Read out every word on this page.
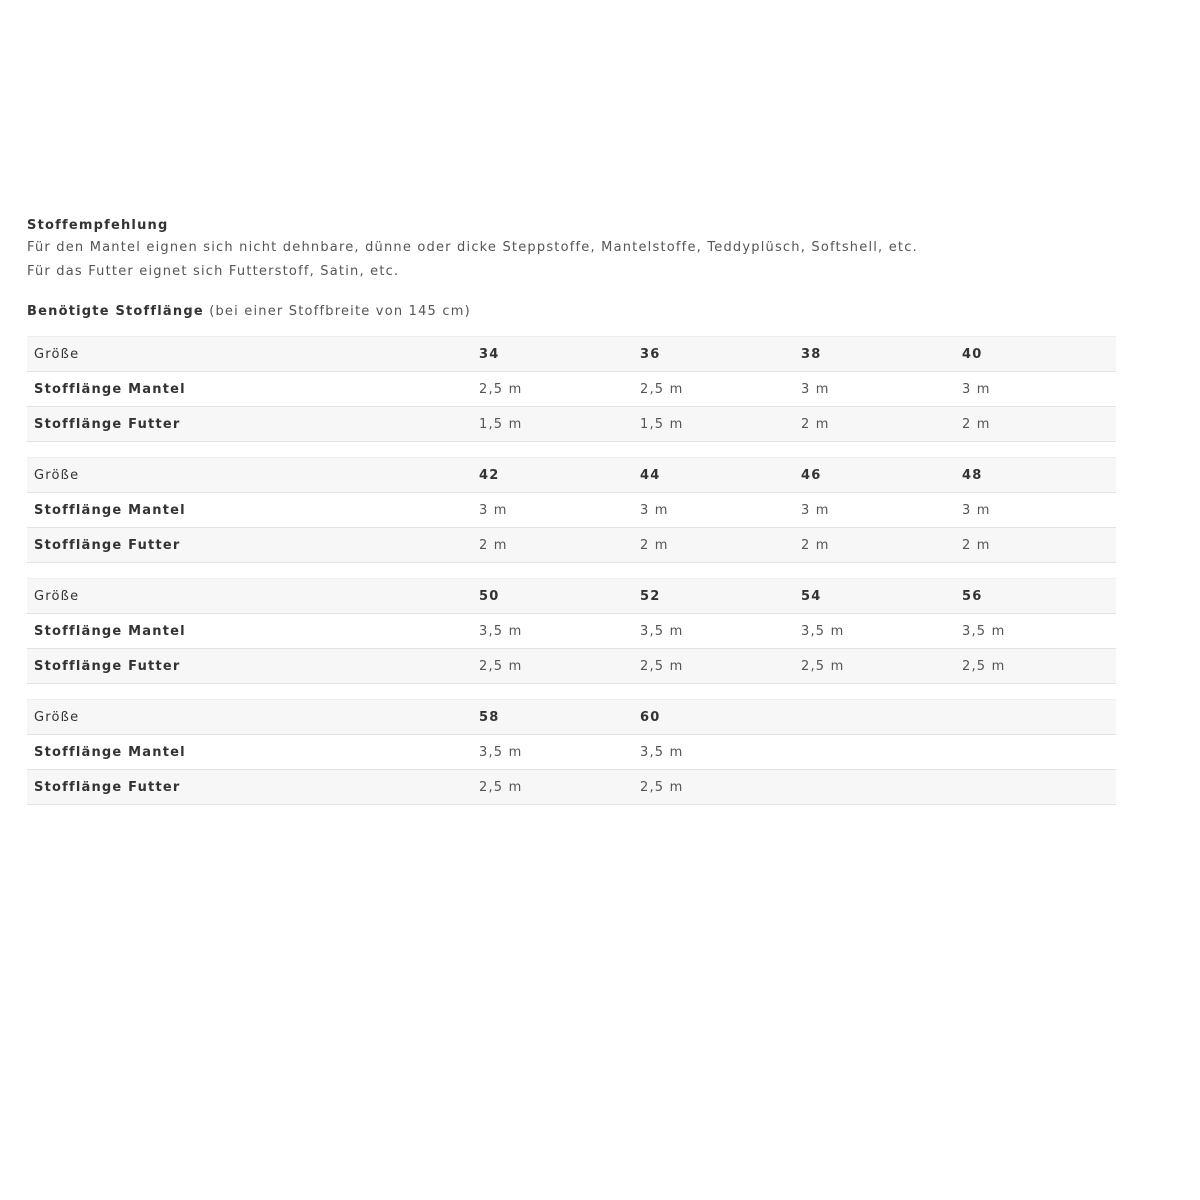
Stoffempfehlung

Für den Mantel eignen sich nicht dehnbare, dünne oder dicke Steppstoffe, Mantelstoffe, Teddyplüsch, Softshell, etc.

Für das Futter eignet sich Futterstoff, Satin, etc.

Benötigte Stofflänge (bei einer Stoffbreite von 145 cm)

Größe	34	36	38	40
Stofflänge Mantel	2,5 m	2,5 m	3 m	3 m
Stofflänge Futter	1,5 m	1,5 m	2 m	2 m
Größe	42	44	46	48
Stofflänge Mantel	3 m	3 m	3 m	3 m
Stofflänge Futter	2 m	2 m	2 m	2 m
Größe	50	52	54	56
Stofflänge Mantel	3,5 m	3,5 m	3,5 m	3,5 m
Stofflänge Futter	2,5 m	2,5 m	2,5 m	2,5 m
Größe	58	60		
Stofflänge Mantel	3,5 m	3,5 m		
Stofflänge Futter	2,5 m	2,5 m		
